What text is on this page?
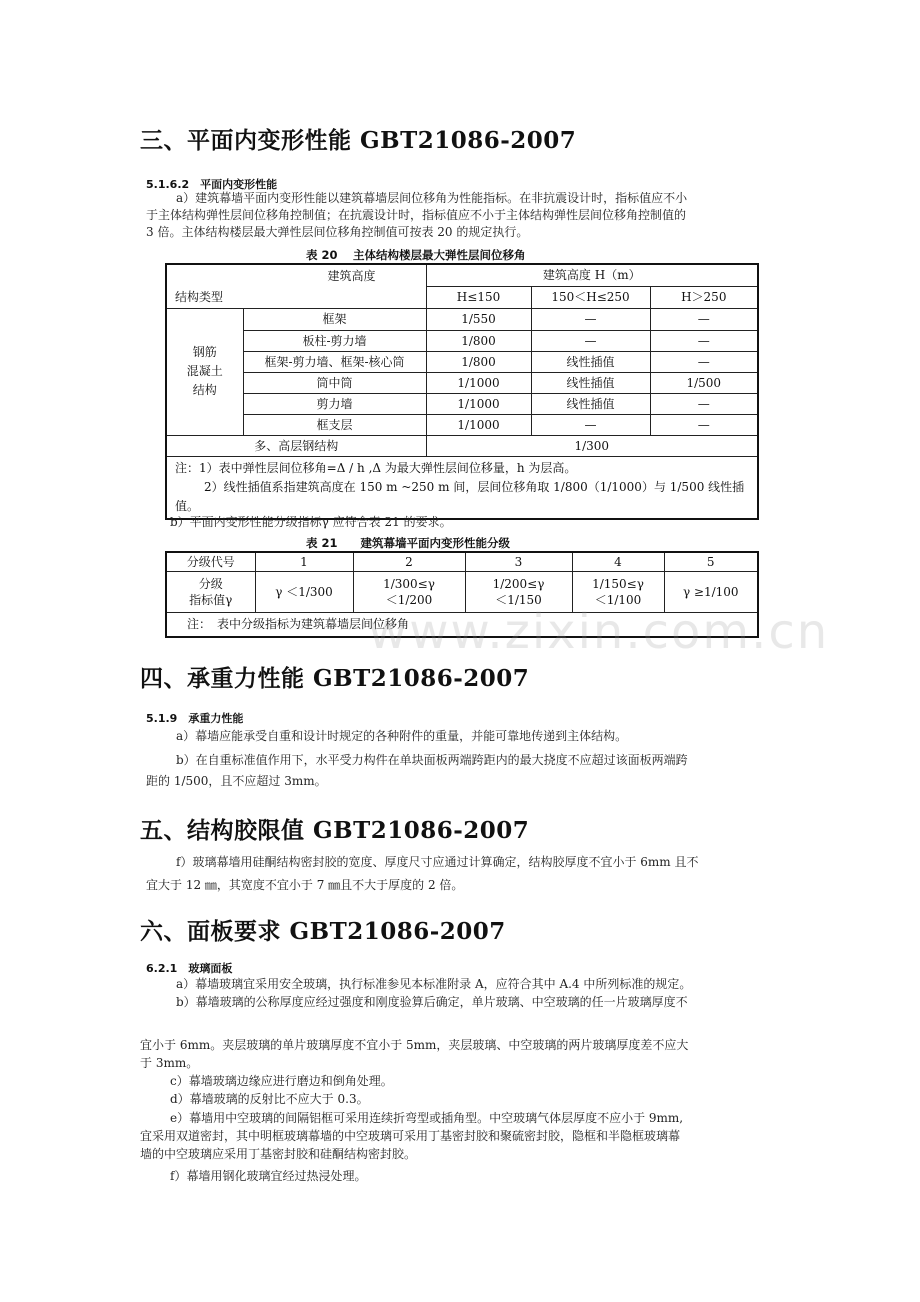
三、平面内变形性能 GBT21086-2007
5.1.6.2　平面内变形性能
a）建筑幕墙平面内变形性能以建筑幕墙层间位移角为性能指标。在非抗震设计时，指标值应不小
于主体结构弹性层间位移角控制值；在抗震设计时，指标值应不小于主体结构弹性层间位移角控制值的
3 倍。主体结构楼层最大弹性层间位移角控制值可按表 20 的规定执行。
表 20　 主体结构楼层最大弹性层间位移角
建筑高度		建筑高度 H（m）		
结构类型		H≤150	150＜H≤250	H＞250
钢筋
混凝土
结构	框架	1/550	—	—
	板柱-剪力墙	1/800	—	—
	框架-剪力墙、框架-核心筒	1/800	线性插值	—
	筒中筒	1/1000	线性插值	1/500
	剪力墙	1/1000	线性插值	—
	框支层	1/1000	—	—
多、高层钢结构		1/300		

注：1）表中弹性层间位移角=Δ / h ,Δ 为最大弹性层间位移量，h 为层高。
2）线性插值系指建筑高度在 150 m ~250 m 间，层间位移角取 1/800（1/1000）与 1/500 线性插值。				
b）平面内变形性能分级指标γ 应符合表 21 的要求。
表 21　　建筑幕墙平面内变形性能分级
分级代号	1	2	3	4	5
分级
指标值γ	γ ＜1/300	1/300≤γ
＜1/200	1/200≤γ
＜1/150	1/150≤γ
＜1/100	γ ≥1/100
注：　表中分级指标为建筑幕墙层间位移角					
www.zixin.com.cn
四、承重力性能 GBT21086-2007
5.1.9　承重力性能
a）幕墙应能承受自重和设计时规定的各种附件的重量，并能可靠地传递到主体结构。
b）在自重标准值作用下，水平受力构件在单块面板两端跨距内的最大挠度不应超过该面板两端跨
距的 1/500，且不应超过 3mm。
五、结构胶限值 GBT21086-2007
f）玻璃幕墙用硅酮结构密封胶的宽度、厚度尺寸应通过计算确定，结构胶厚度不宜小于 6mm 且不
宜大于 12 ㎜，其宽度不宜小于 7 ㎜且不大于厚度的 2 倍。
六、面板要求 GBT21086-2007
6.2.1　玻璃面板
a）幕墙玻璃宜采用安全玻璃，执行标准参见本标准附录 A，应符合其中 A.4 中所列标准的规定。
b）幕墙玻璃的公称厚度应经过强度和刚度验算后确定，单片玻璃、中空玻璃的任一片玻璃厚度不
宜小于 6mm。夹层玻璃的单片玻璃厚度不宜小于 5mm，夹层玻璃、中空玻璃的两片玻璃厚度差不应大
于 3mm。
c）幕墙玻璃边缘应进行磨边和倒角处理。
d）幕墙玻璃的反射比不应大于 0.3。
e）幕墙用中空玻璃的间隔铝框可采用连续折弯型或插角型。中空玻璃气体层厚度不应小于 9mm,
宜采用双道密封，其中明框玻璃幕墙的中空玻璃可采用丁基密封胶和聚硫密封胶，隐框和半隐框玻璃幕
墙的中空玻璃应采用丁基密封胶和硅酮结构密封胶。
f）幕墙用钢化玻璃宜经过热浸处理。
